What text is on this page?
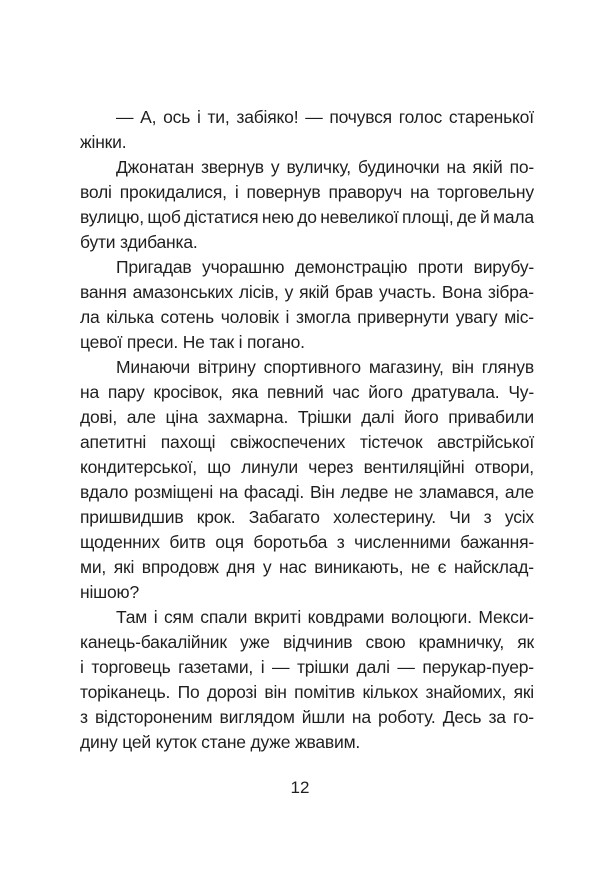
— А, ось і ти, забіяко! — почувся голос старенької
жінки.
Джонатан звернув у вуличку, будиночки на якій по-
волі прокидалися, і повернув праворуч на торговельну
вулицю, щоб дістатися нею до невеликої площі, де й мала
бути здибанка.
Пригадав учорашню демонстрацію проти вирубу-
вання амазонських лісів, у якій брав участь. Вона зібра-
ла кілька сотень чоловік і змогла привернути увагу міс-
цевої преси. Не так і погано.
Минаючи вітрину спортивного магазину, він глянув
на пару кросівок, яка певний час його дратувала. Чу-
дові, але ціна захмарна. Трішки далі його привабили
апетитні пахощі свіжоспечених тістечок австрійської
кондитерської, що линули через вентиляційні отвори,
вдало розміщені на фасаді. Він ледве не зламався, але
пришвидшив крок. Забагато холестерину. Чи з усіх
щоденних битв оця боротьба з численними бажання-
ми, які впродовж дня у нас виникають, не є найсклад-
нішою?
Там і сям спали вкриті ковдрами волоцюги. Мекси-
канець-бакалійник уже відчинив свою крамничку, як
і торговець газетами, і — трішки далі — перукар-пуер-
торіканець. По дорозі він помітив кількох знайомих, які
з відстороненим виглядом йшли на роботу. Десь за го-
дину цей куток стане дуже жвавим.
12
